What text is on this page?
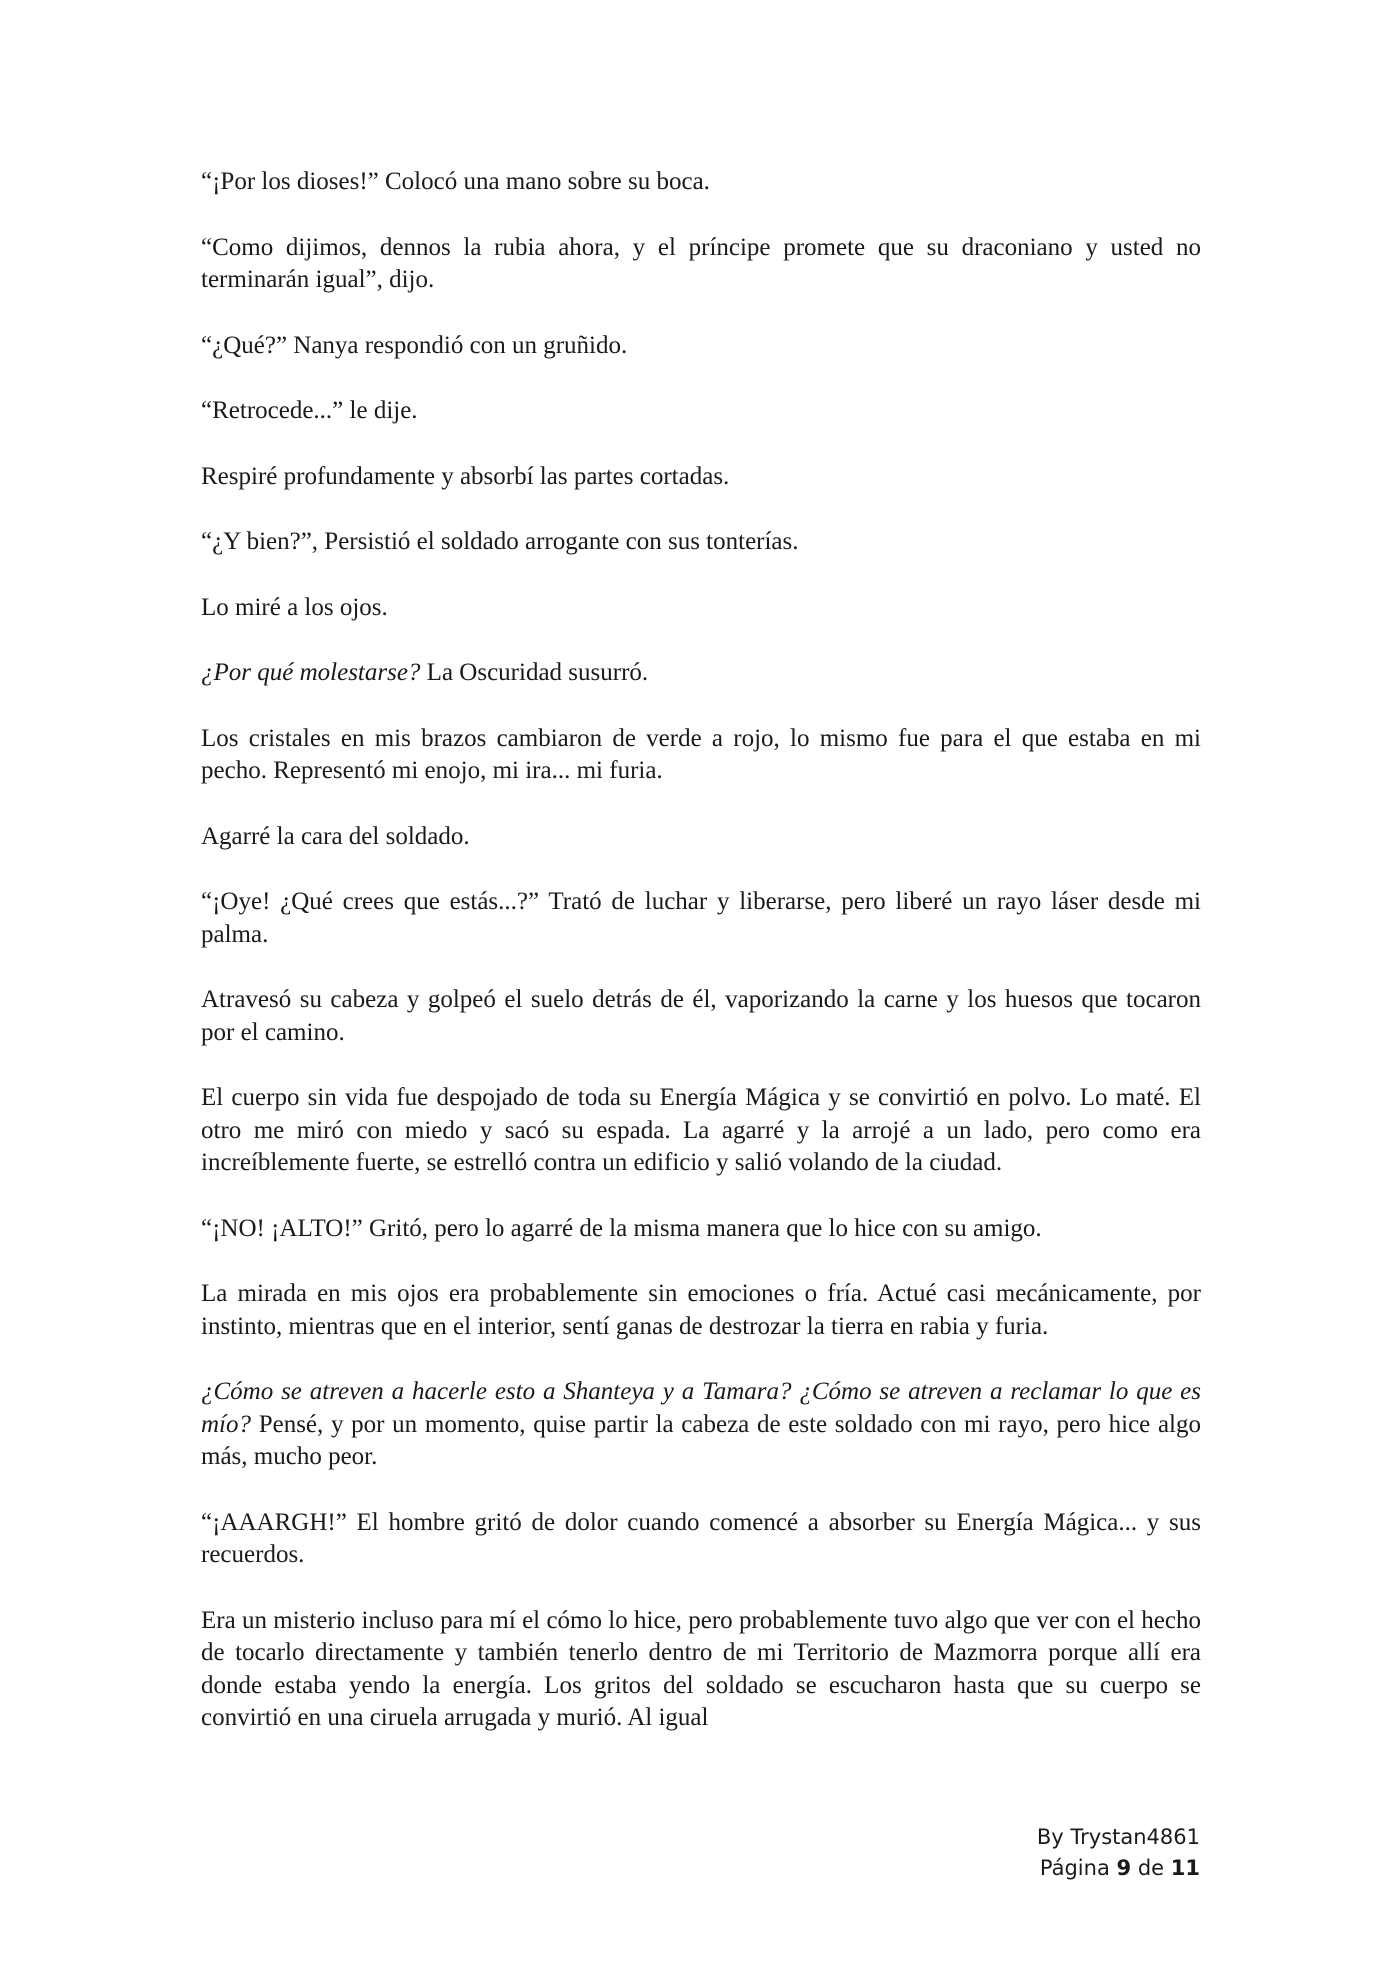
“¡Por los dioses!” Colocó una mano sobre su boca.

“Como dijimos, dennos la rubia ahora, y el príncipe promete que su draconiano y usted no terminarán igual”, dijo.

“¿Qué?” Nanya respondió con un gruñido.

“Retrocede...” le dije.

Respiré profundamente y absorbí las partes cortadas.

“¿Y bien?”, Persistió el soldado arrogante con sus tonterías.

Lo miré a los ojos.

¿Por qué molestarse? La Oscuridad susurró.

Los cristales en mis brazos cambiaron de verde a rojo, lo mismo fue para el que estaba en mi pecho. Representó mi enojo, mi ira... mi furia.

Agarré la cara del soldado.

“¡Oye! ¿Qué crees que estás...?” Trató de luchar y liberarse, pero liberé un rayo láser desde mi palma.

Atravesó su cabeza y golpeó el suelo detrás de él, vaporizando la carne y los huesos que tocaron por el camino.

El cuerpo sin vida fue despojado de toda su Energía Mágica y se convirtió en polvo. Lo maté. El otro me miró con miedo y sacó su espada. La agarré y la arrojé a un lado, pero como era increíblemente fuerte, se estrelló contra un edificio y salió volando de la ciudad.

“¡NO! ¡ALTO!” Gritó, pero lo agarré de la misma manera que lo hice con su amigo.

La mirada en mis ojos era probablemente sin emociones o fría. Actué casi mecánicamente, por instinto, mientras que en el interior, sentí ganas de destrozar la tierra en rabia y furia.

¿Cómo se atreven a hacerle esto a Shanteya y a Tamara? ¿Cómo se atreven a reclamar lo que es mío? Pensé, y por un momento, quise partir la cabeza de este soldado con mi rayo, pero hice algo más, mucho peor.

“¡AAARGH!” El hombre gritó de dolor cuando comencé a absorber su Energía Mágica... y sus recuerdos.

Era un misterio incluso para mí el cómo lo hice, pero probablemente tuvo algo que ver con el hecho de tocarlo directamente y también tenerlo dentro de mi Territorio de Mazmorra porque allí era donde estaba yendo la energía. Los gritos del soldado se escucharon hasta que su cuerpo se convirtió en una ciruela arrugada y murió. Al igual

By Trystan4861
Página 9 de 11
